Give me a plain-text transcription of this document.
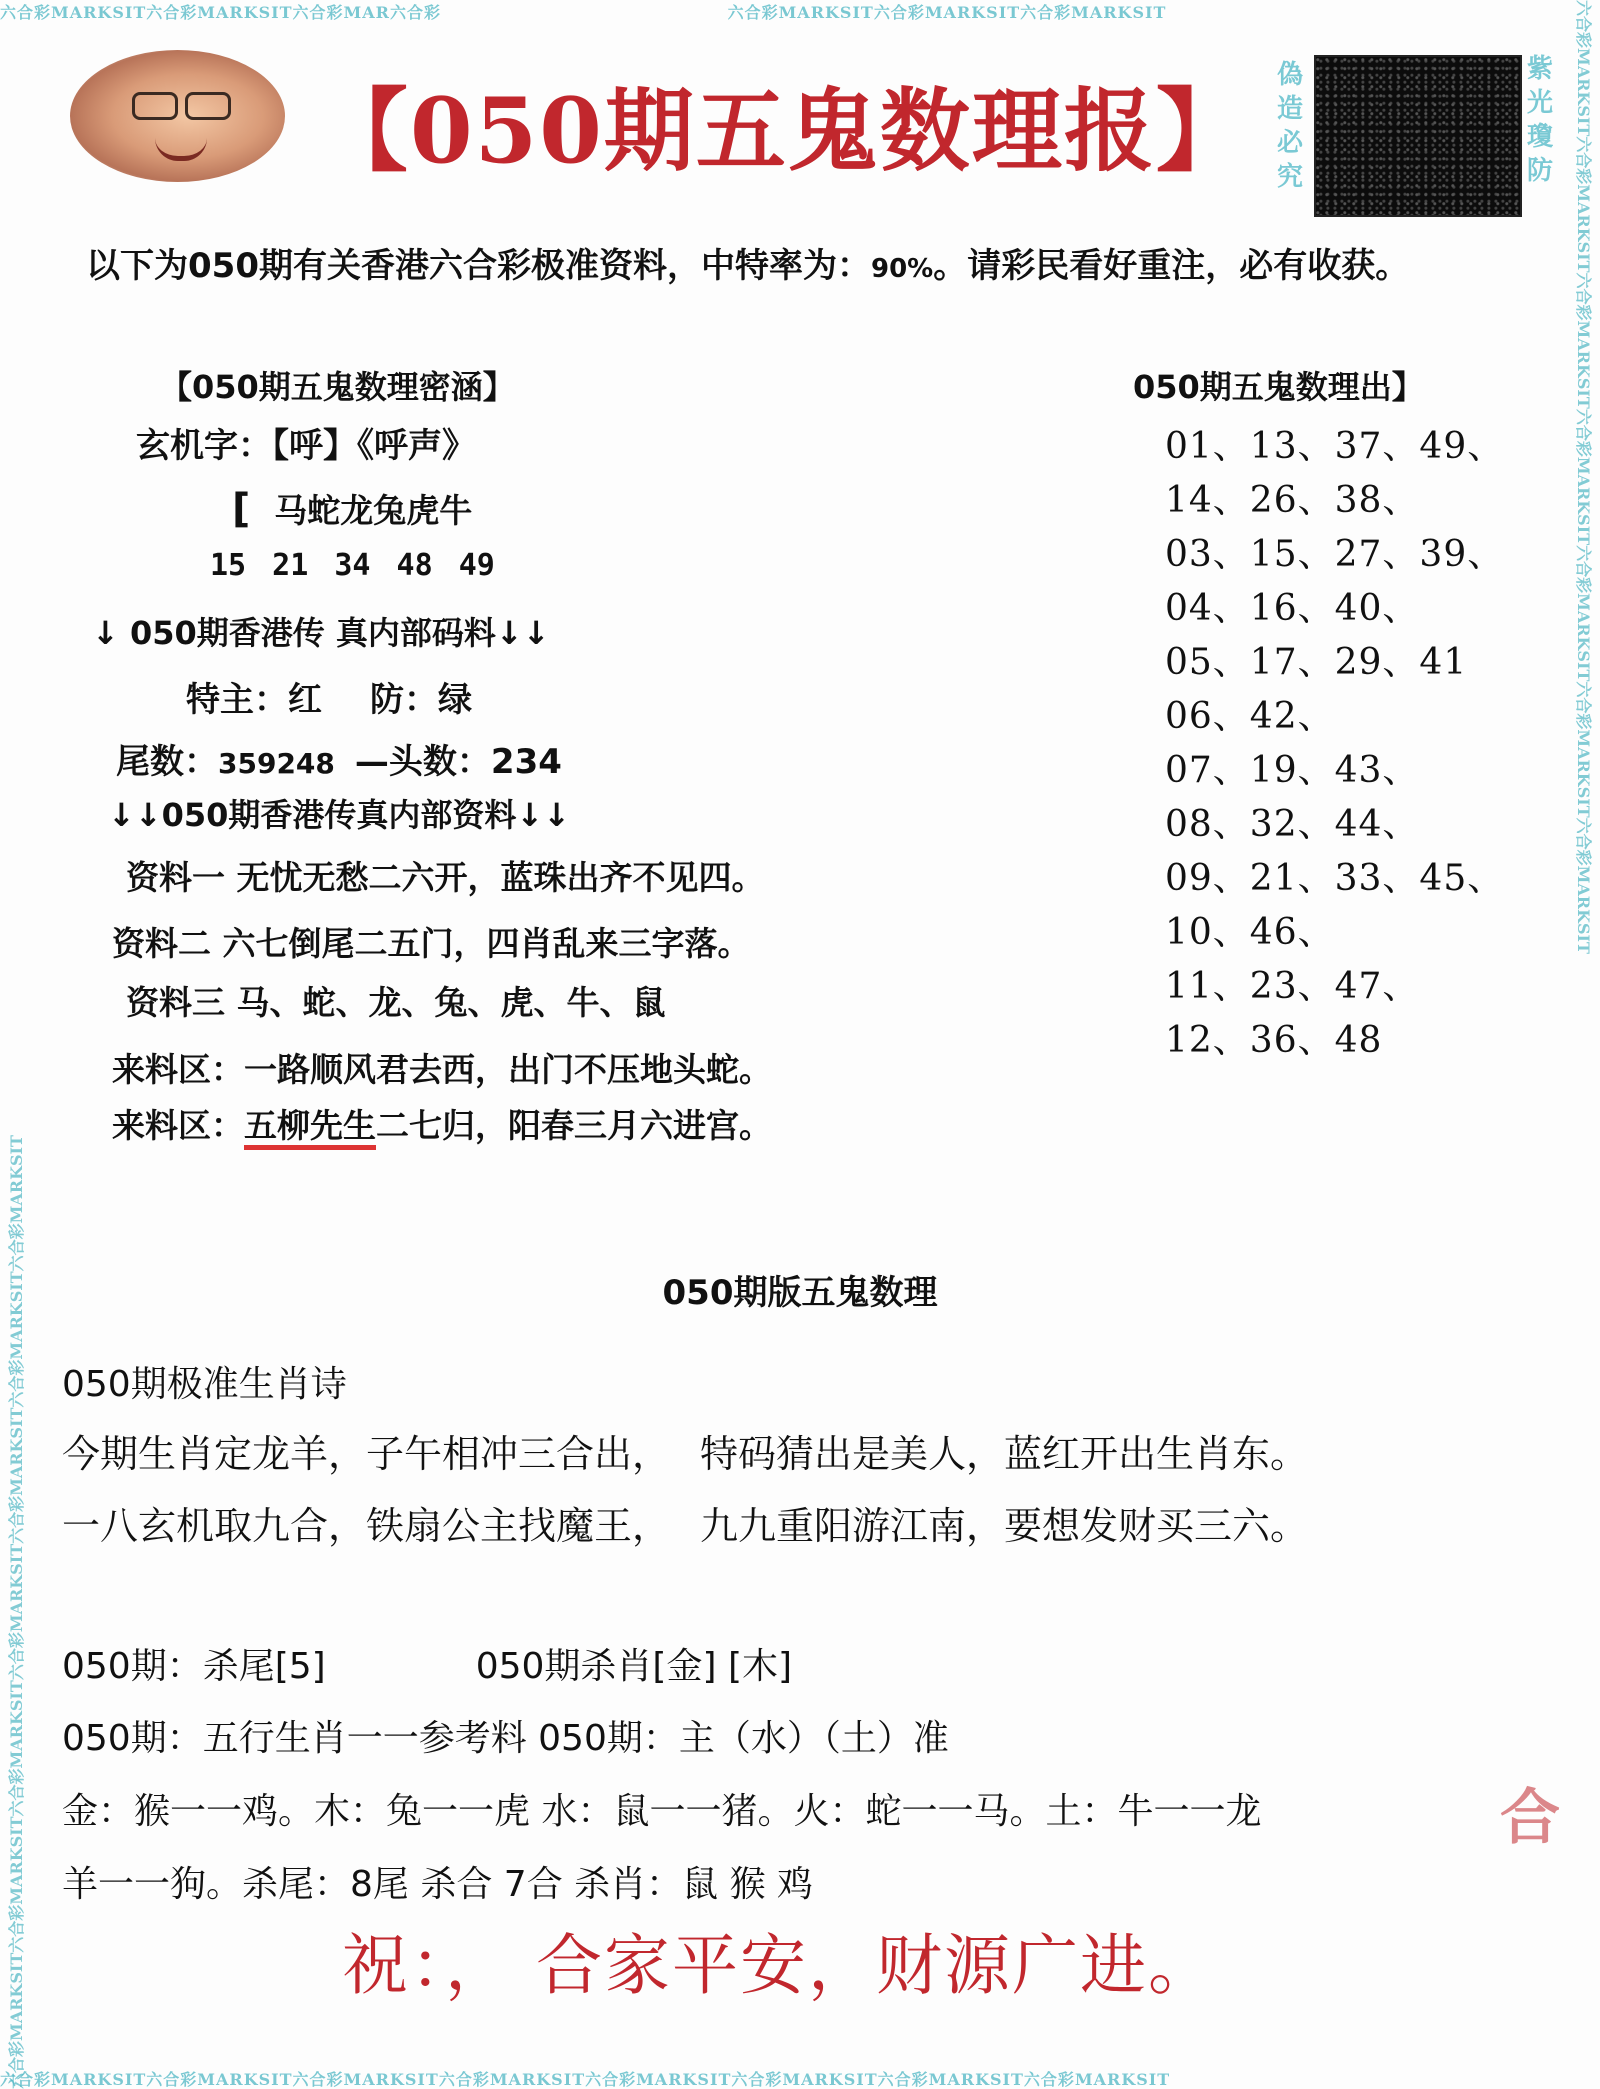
六合彩MARKSIT六合彩MARKSIT六合彩MAR六合彩	六合彩MARKSIT六合彩MARKSIT六合彩MARKSIT
六合彩MARKSIT六合彩MARKSIT六合彩MARKSIT六合彩MARKSIT六合彩MARKSIT六合彩MARKSIT六合彩MARKSIT六合彩MARKSIT
六合彩MARKSIT六合彩MARKSIT六合彩MARKSIT六合彩MARKSIT六合彩MARKSIT六合彩MARKSIT六合彩MARKSIT
六合彩MARKSIT六合彩MARKSIT六合彩MARKSIT六合彩MARKSIT六合彩MARKSIT六合彩MARKSIT六合彩MARKSIT
【050期五鬼数理报】
偽
造
必
究
紫
光
瓊
防
以下为050期有关香港六合彩极准资料，中特率为：90%。请彩民看好重注，必有收获。
【050期五鬼数理密涵】
玄机字：【呼】《呼声》
[ 马蛇龙兔虎牛
15 21 34 48 49
↓ 050期香港传 真内部码料↓↓
特主：红 防：绿
尾数：359248 —头数：234
↓↓050期香港传真内部资料↓↓
资料一 无忧无愁二六开，蓝珠出齐不见四。
资料二 六七倒尾二五门，四肖乱来三字落。
资料三 马、蛇、龙、兔、虎、牛、鼠
来料区：一路顺风君去西，出门不压地头蛇。
来料区：五柳先生二七归，阳春三月六进宫。
050期五鬼数理出】
01、13、37、49、
14、26、38、
03、15、27、39、
04、16、40、
05、17、29、41
06、42、
07、19、43、
08、32、44、
09、21、33、45、
10、46、
11、23、47、
12、36、48
050期版五鬼数理
050期极准生肖诗
今期生肖定龙羊，子午相冲三合出， 特码猜出是美人，蓝红开出生肖东。
一八玄机取九合，铁扇公主找魔王， 九九重阳游江南，要想发财买三六。
050期：杀尾[5]	050期杀肖[金] [木]
050期：五行生肖一一参考料 050期：主（水）（土）准
金：猴一一鸡。木：兔一一虎 水：鼠一一猪。火：蛇一一马。土：牛一一龙
羊一一狗。杀尾：8尾 杀合 7合 杀肖：鼠 猴 鸡
合
祝：， 合家平安，财源广进。
